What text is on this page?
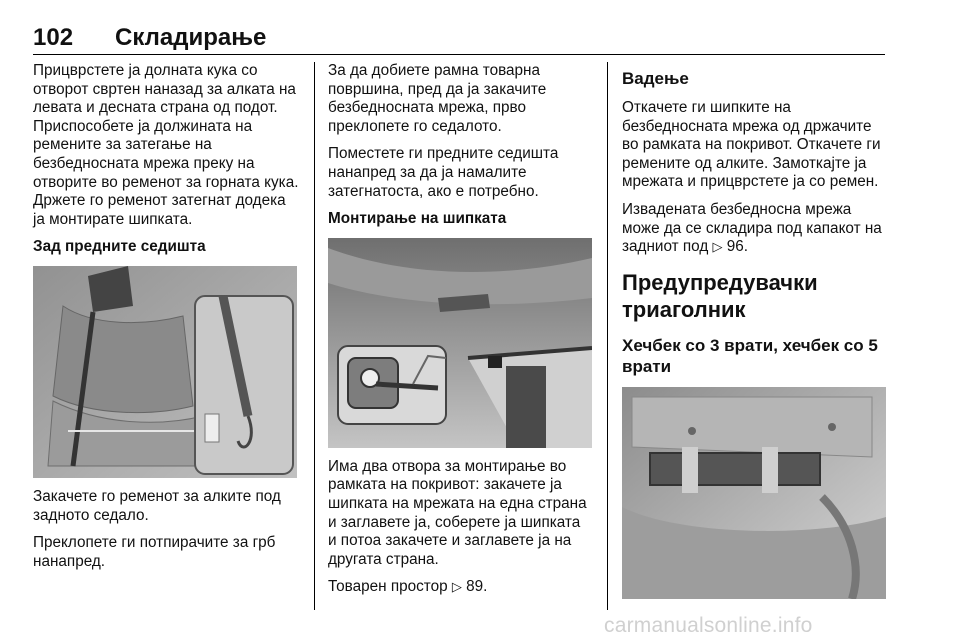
102 Складирање

Прицврстете ја долната кука со отворот свртен наназад за алката на левата и десната страна од подот. Приспособете ја должината на ремените за затегање на безбедносната мрежа преку на отворите во ременот за горната кука. Држете го ременот затегнат додека ја монтирате шипката.

Зад предните седишта

Закачете го ременот за алките под задното седало.

Преклопете ги потпирачите за грб нанапред.

За да добиете рамна товарна површина, пред да ја закачите безбедносната мрежа, прво преклопете го седалото.

Поместете ги предните седишта нанапред за да ја намалите затегнатоста, ако е потребно.

Монтирање на шипката

Има два отвора за монтирање во рамката на покривот: закачете ја шипката на мрежата на една страна и заглавете ја, соберете ја шипката и потоа закачете и заглавете ја на другата страна.

Товарен простор ▷ 89.

Вадење

Откачете ги шипките на безбедносната мрежа од држачите во рамката на покривот. Откачете ги ремените од алките. Замоткајте ја мрежата и прицврстете ја со ремен.

Извадената безбедносна мрежа може да се складира под капакот на задниот под ▷ 96.

Предупредувачки триаголник

Хечбек со 3 врати, хечбек со 5 врати

carmanualsonline.info
